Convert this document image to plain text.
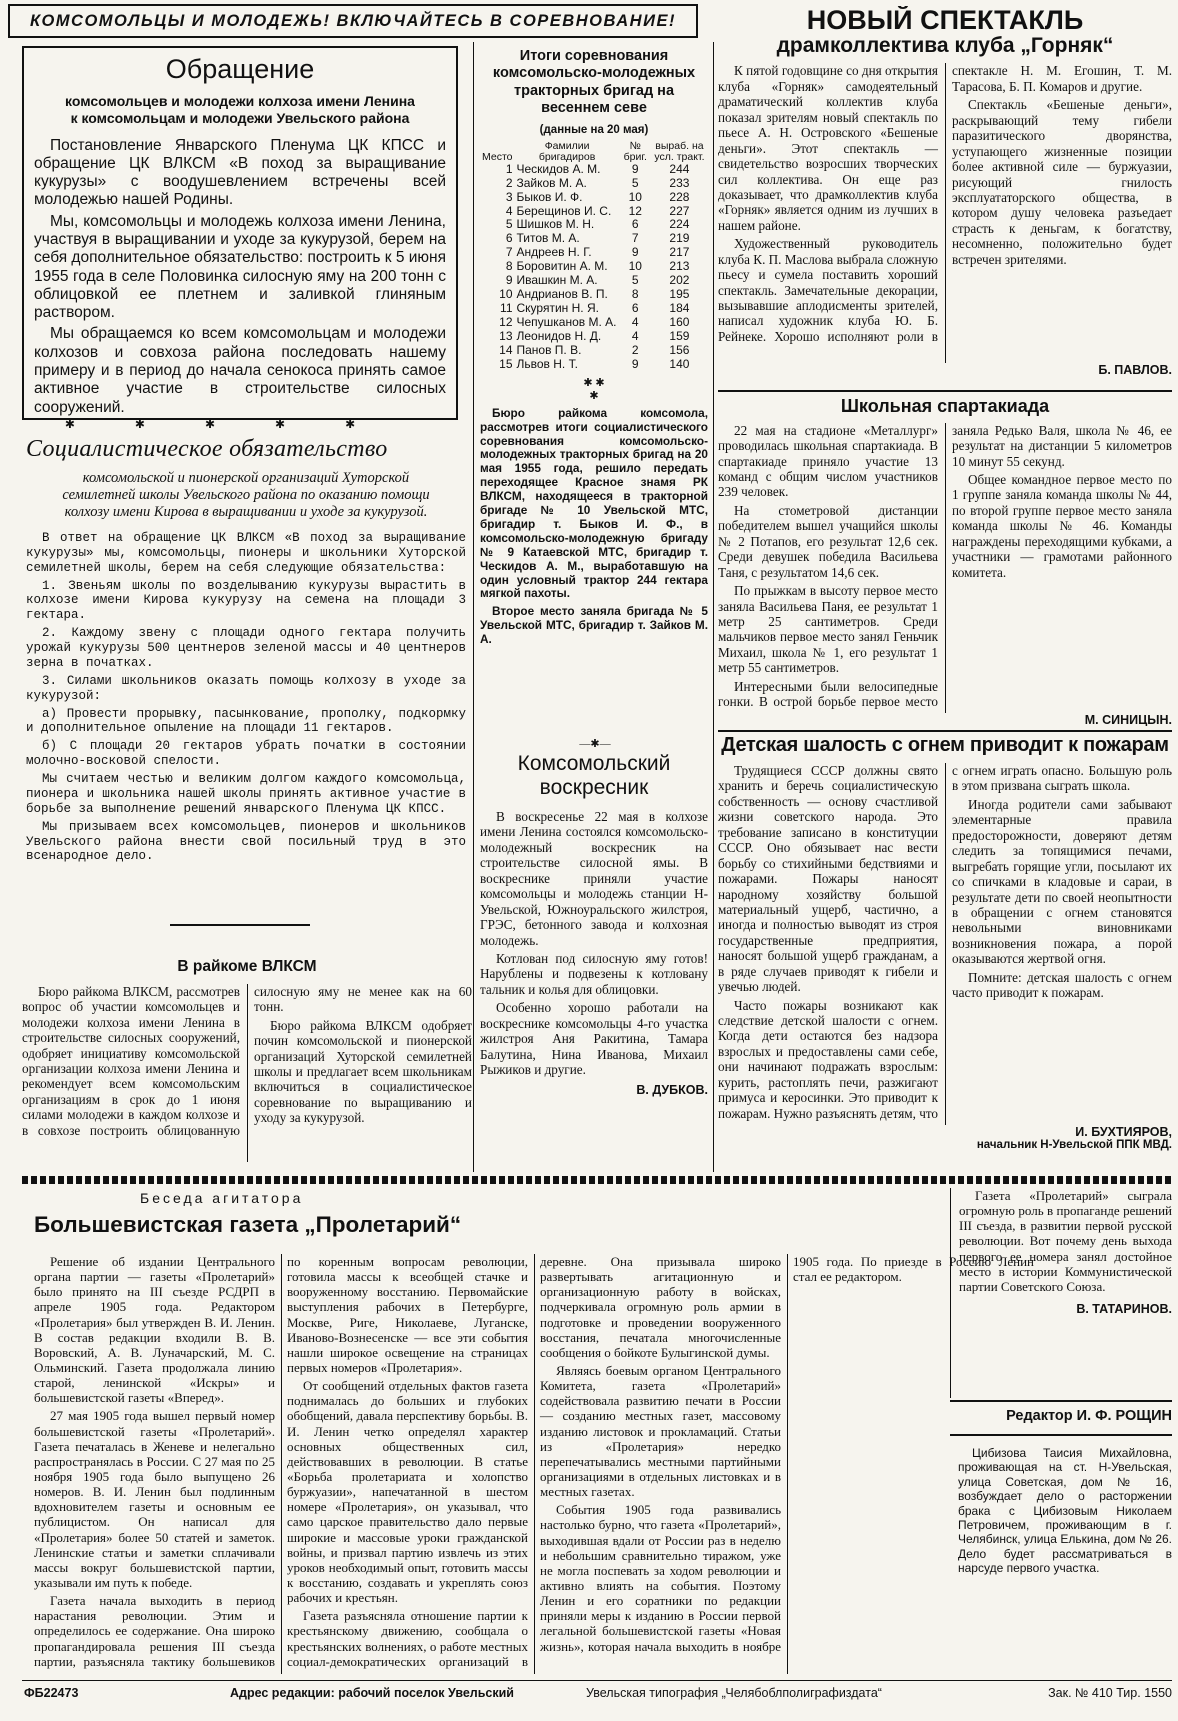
КОМСОМОЛЬЦЫ И МОЛОДЕЖЬ! ВКЛЮЧАЙТЕСЬ В СОРЕВНОВАНИЕ!
Обращение
комсомольцев и молодежи колхоза имени Ленина к комсомольцам и молодежи Увельского района

Постановление Январского Пленума ЦК КПСС и обращение ЦК ВЛКСМ «В поход за выращивание кукурузы» с воодушевлением встречены всей молодежью нашей Родины.

Мы, комсомольцы и молодежь колхоза имени Ленина, участвуя в выращивании и уходе за кукурузой, берем на себя дополнительное обязательство: построить к 5 июня 1955 года в селе Половинка силосную яму на 200 тонн с облицовкой ее плетнем и заливкой глиняным раствором.

Мы обращаемся ко всем комсомольцам и молодежи колхозов и совхоза района последовать нашему примеру и в период до начала сенокоса принять самое активное участие в строительстве силосных сооружений.

✱✱✱✱✱
Социалистическое обязательство
комсомольской и пионерской организаций Хуторской семилетней школы Увельского района по оказанию помощи колхозу имени Кирова в выращивании и уходе за кукурузой.

В ответ на обращение ЦК ВЛКСМ «В поход за выращивание кукурузы» мы, комсомольцы, пионеры и школьники Хуторской семилетней школы, берем на себя следующие обязательства:

1. Звеньям школы по возделыванию кукурузы вырастить в колхозе имени Кирова кукурузу на семена на площади 3 гектара.

2. Каждому звену с площади одного гектара получить урожай кукурузы 500 центнеров зеленой массы и 40 центнеров зерна в початках.

3. Силами школьников оказать помощь колхозу в уходе за кукурузой:

а) Провести прорывку, пасынкование, прополку, подкормку и дополнительное опыление на площади 11 гектаров.

б) С площади 20 гектаров убрать початки в состоянии молочно-восковой спелости.

Мы считаем честью и великим долгом каждого комсомольца, пионера и школьника нашей школы принять активное участие в борьбе за выполнение решений январского Пленума ЦК КПСС.

Мы призываем всех комсомольцев, пионеров и школьников Увельского района внести свой посильный труд в это всенародное дело.

В райкоме ВЛКСМ

Бюро райкома ВЛКСМ, рассмотрев вопрос об участии комсомольцев и молодежи колхоза имени Ленина в строительстве силосных сооружений, одобряет инициативу комсомольской организации колхоза имени Ленина и рекомендует всем комсомольским организациям в срок до 1 июня силами молодежи в каждом колхозе и в совхозе построить облицованную силосную яму не менее как на 60 тонн.

Бюро райкома ВЛКСМ одобряет почин комсомольской и пионерской организаций Хуторской семилетней школы и предлагает всем школьникам включиться в социалистическое соревнование по выращиванию и уходу за кукурузой.

Итоги соревнования комсомольско-молодежных тракторных бригад на весеннем севе
(данные на 20 мая)
Место	Фамилии бригадиров	№ бриг.	выраб. на усл. тракт.
1	Ческидов А. М.	9	244
2	Зайков М. А.	5	233
3	Быков И. Ф.	10	228
4	Берещинов И. С.	12	227
5	Шишков М. Н.	6	224
6	Титов М. А.	7	219
7	Андреев Н. Г.	9	217
8	Боровитин А. М.	10	213
9	Ивашкин М. А.	5	202
10	Андрианов В. П.	8	195
11	Скурятин Н. Я.	6	184
12	Чепушканов М. А.	4	160
13	Леонидов Н. Д.	4	159
14	Панов П. В.	2	156
15	Львов Н. Т.	9	140
✱ ✱
✱
Бюро райкома комсомола, рассмотрев итоги социалистического соревнования комсомольско-молодежных тракторных бригад на 20 мая 1955 года, решило передать переходящее Красное знамя РК ВЛКСМ, находящееся в тракторной бригаде № 10 Увельской МТС, бригадир т. Быков И. Ф., в комсомольско-молодежную бригаду № 9 Катаевской МТС, бригадир т. Ческидов А. М., выработавшую на один условный трактор 244 гектара мягкой пахоты.
Второе место заняла бригада № 5 Увельской МТС, бригадир т. Зайков М. А.
—✱—
Комсомольский воскресник

В воскресенье 22 мая в колхозе имени Ленина состоялся комсомольско-молодежный воскресник на строительстве силосной ямы. В воскреснике приняли участие комсомольцы и молодежь станции Н-Увельской, Южноуральского жилстроя, ГРЭС, бетонного завода и колхозная молодежь.

Котлован под силосную яму готов! Нарублены и подвезены к котловану тальник и колья для облицовки.

Особенно хорошо работали на воскреснике комсомольцы 4-го участка жилстроя Аня Ракитина, Тамара Балутина, Нина Иванова, Михаил Рыжиков и другие.

В. ДУБКОВ.
НОВЫЙ СПЕКТАКЛЬ
драмколлектива клуба „Горняк“

К пятой годовщине со дня открытия клуба «Горняк» самодеятельный драматический коллектив клуба показал зрителям новый спектакль по пьесе А. Н. Островского «Бешеные деньги». Этот спектакль — свидетельство возросших творческих сил коллектива. Он еще раз доказывает, что драмколлектив клуба «Горняк» является одним из лучших в нашем районе.

Художественный руководитель клуба К. П. Маслова выбрала сложную пьесу и сумела поставить хороший спектакль. Замечательные декорации, вызывавшие аплодисменты зрителей, написал художник клуба Ю. Б. Рейнеке. Хорошо исполняют роли в спектакле Н. М. Егошин, Т. М. Тарасова, Б. П. Комаров и другие.

Спектакль «Бешеные деньги», раскрывающий тему гибели паразитического дворянства, уступающего жизненные позиции более активной силе — буржуазии, рисующий гнилость эксплуататорского общества, в котором душу человека разъедает страсть к деньгам, к богатству, несомненно, положительно будет встречен зрителями.

Б. ПАВЛОВ.
Школьная спартакиада

22 мая на стадионе «Металлург» проводилась школьная спартакиада. В спартакиаде приняло участие 13 команд с общим числом участников 239 человек.

На стометровой дистанции победителем вышел учащийся школы № 2 Потапов, его результат 12,6 сек. Среди девушек победила Васильева Таня, с результатом 14,6 сек.

По прыжкам в высоту первое место заняла Васильева Паня, ее результат 1 метр 25 сантиметров. Среди мальчиков первое место занял Геньчик Михаил, школа № 1, его результат 1 метр 55 сантиметров.

Интересными были велосипедные гонки. В острой борьбе первое место заняла Редько Валя, школа № 46, ее результат на дистанции 5 километров 10 минут 55 секунд.

Общее командное первое место по 1 группе заняла команда школы № 44, по второй группе первое место заняла команда школы № 46. Команды награждены переходящими кубками, а участники — грамотами районного комитета.

М. СИНИЦЫН.
Детская шалость с огнем приводит к пожарам

Трудящиеся СССР должны свято хранить и беречь социалистическую собственность — основу счастливой жизни советского народа. Это требование записано в конституции СССР. Оно обязывает нас вести борьбу со стихийными бедствиями и пожарами. Пожары наносят народному хозяйству большой материальный ущерб, частично, а иногда и полностью выводят из строя государственные предприятия, наносят большой ущерб гражданам, а в ряде случаев приводят к гибели и увечью людей.

Часто пожары возникают как следствие детской шалости с огнем. Когда дети остаются без надзора взрослых и предоставлены сами себе, они начинают подражать взрослым: курить, растоплять печи, разжигают примуса и керосинки. Это приводит к пожарам. Нужно разъяснять детям, что с огнем играть опасно. Большую роль в этом призвана сыграть школа.

Иногда родители сами забывают элементарные правила предосторожности, доверяют детям следить за топящимися печами, выгребать горящие угли, посылают их со спичками в кладовые и сараи, в результате дети по своей неопытности в обращении с огнем становятся невольными виновниками возникновения пожара, а порой оказываются жертвой огня.

Помните: детская шалость с огнем часто приводит к пожарам.

И. БУХТИЯРОВ,
начальник Н-Увельской ППК МВД.
Беседа агитатора
Большевистская газета „Пролетарий“

Решение об издании Центрального органа партии — газеты «Пролетарий» было принято на III съезде РСДРП в апреле 1905 года. Редактором «Пролетария» был утвержден В. И. Ленин. В состав редакции входили В. В. Воровский, А. В. Луначарский, М. С. Ольминский. Газета продолжала линию старой, ленинской «Искры» и большевистской газеты «Вперед».

27 мая 1905 года вышел первый номер большевистской газеты «Пролетарий». Газета печаталась в Женеве и нелегально распространялась в России. С 27 мая по 25 ноября 1905 года было выпущено 26 номеров. В. И. Ленин был подлинным вдохновителем газеты и основным ее публицистом. Он написал для «Пролетария» более 50 статей и заметок. Ленинские статьи и заметки сплачивали массы вокруг большевистской партии, указывали им путь к победе.

Газета начала выходить в период нарастания революции. Этим и определилось ее содержание. Она широко пропагандировала решения III съезда партии, разъясняла тактику большевиков по коренным вопросам революции, готовила массы к всеобщей стачке и вооруженному восстанию. Первомайские выступления рабочих в Петербурге, Москве, Риге, Николаеве, Луганске, Иваново-Вознесенске — все эти события нашли широкое освещение на страницах первых номеров «Пролетария».

От сообщений отдельных фактов газета поднималась до больших и глубоких обобщений, давала перспективу борьбы. В. И. Ленин четко определял характер основных общественных сил, действовавших в революции. В статье «Борьба пролетариата и холопство буржуазии», напечатанной в шестом номере «Пролетария», он указывал, что само царское правительство дало первые широкие и массовые уроки гражданской войны, и призвал партию извлечь из этих уроков необходимый опыт, готовить массы к восстанию, создавать и укреплять союз рабочих и крестьян.

Газета разъясняла отношение партии к крестьянскому движению, сообщала о крестьянских волнениях, о работе местных социал-демократических организаций в деревне. Она призывала широко развертывать агитационную и организационную работу в войсках, подчеркивала огромную роль армии в подготовке и проведении вооруженного восстания, печатала многочисленные сообщения о бойкоте Булыгинской думы.

Являясь боевым органом Центрального Комитета, газета «Пролетарий» содействовала развитию печати в России — созданию местных газет, массовому изданию листовок и прокламаций. Статьи из «Пролетария» нередко перепечатывались местными партийными организациями в отдельных листовках и в местных газетах.

События 1905 года развивались настолько бурно, что газета «Пролетарий», выходившая вдали от России раз в неделю и небольшим сравнительно тиражом, уже не могла поспевать за ходом революции и активно влиять на события. Поэтому Ленин и его соратники по редакции приняли меры к изданию в России первой легальной большевистской газеты «Новая жизнь», которая начала выходить в ноябре 1905 года. По приезде в Россию Ленин стал ее редактором.

Газета «Пролетарий» сыграла огромную роль в пропаганде решений III съезда, в развитии первой русской революции. Вот почему день выхода первого ее номера занял достойное место в истории Коммунистической партии Советского Союза.

В. ТАТАРИНОВ.
Редактор И. Ф. РОЩИН
Цибизова Таисия Михайловна, проживающая на ст. Н-Увельская, улица Советская, дом № 16, возбуждает дело о расторжении брака с Цибизовым Николаем Петровичем, проживающим в г. Челябинск, улица Елькина, дом № 26. Дело будет рассматриваться в нарсуде первого участка.
ФБ22473	Адрес редакции: рабочий поселок Увельский	Увельская типография „Челябоблполиграфиздата“	Зак. № 410 Тир. 1550
